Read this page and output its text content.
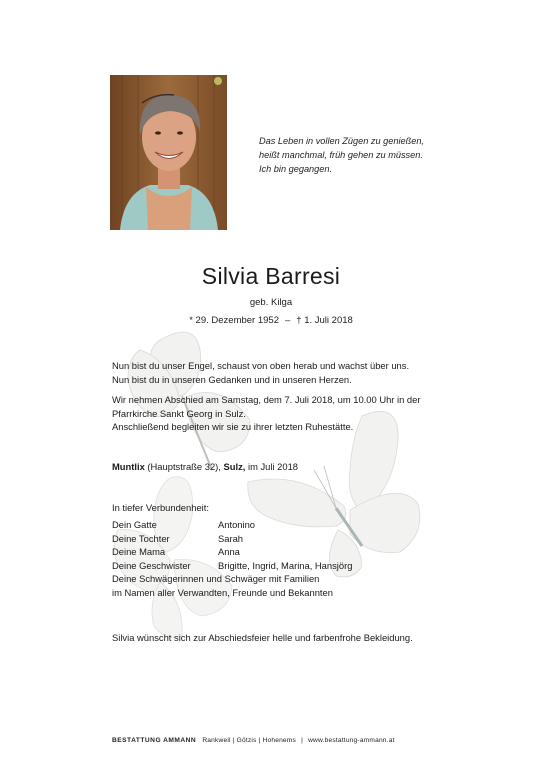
Das Leben in vollen Zügen zu genießen,
heißt manchmal, früh gehen zu müssen.
Ich bin gegangen.
Silvia Barresi
geb. Kilga
* 29. Dezember 1952 – † 1. Juli 2018
Nun bist du unser Engel, schaust von oben herab und wachst über uns.
Nun bist du in unseren Gedanken und in unseren Herzen.
Wir nehmen Abschied am Samstag, dem 7. Juli 2018, um 10.00 Uhr in der
Pfarrkirche Sankt Georg in Sulz.
Anschließend begleiten wir sie zu ihrer letzten Ruhestätte.
Muntlix (Hauptstraße 32), Sulz, im Juli 2018
In tiefer Verbundenheit:
Dein Gatte	Antonino
Deine Tochter	Sarah
Deine Mama	Anna
Deine Geschwister	Brigitte, Ingrid, Marina, Hansjörg
Deine Schwägerinnen und Schwäger mit Familien
im Namen aller Verwandten, Freunde und Bekannten
Silvia wünscht sich zur Abschiedsfeier helle und farbenfrohe Bekleidung.
BESTATTUNG AMMANN Rankweil | Götzis | Hohenems | www.bestattung-ammann.at
